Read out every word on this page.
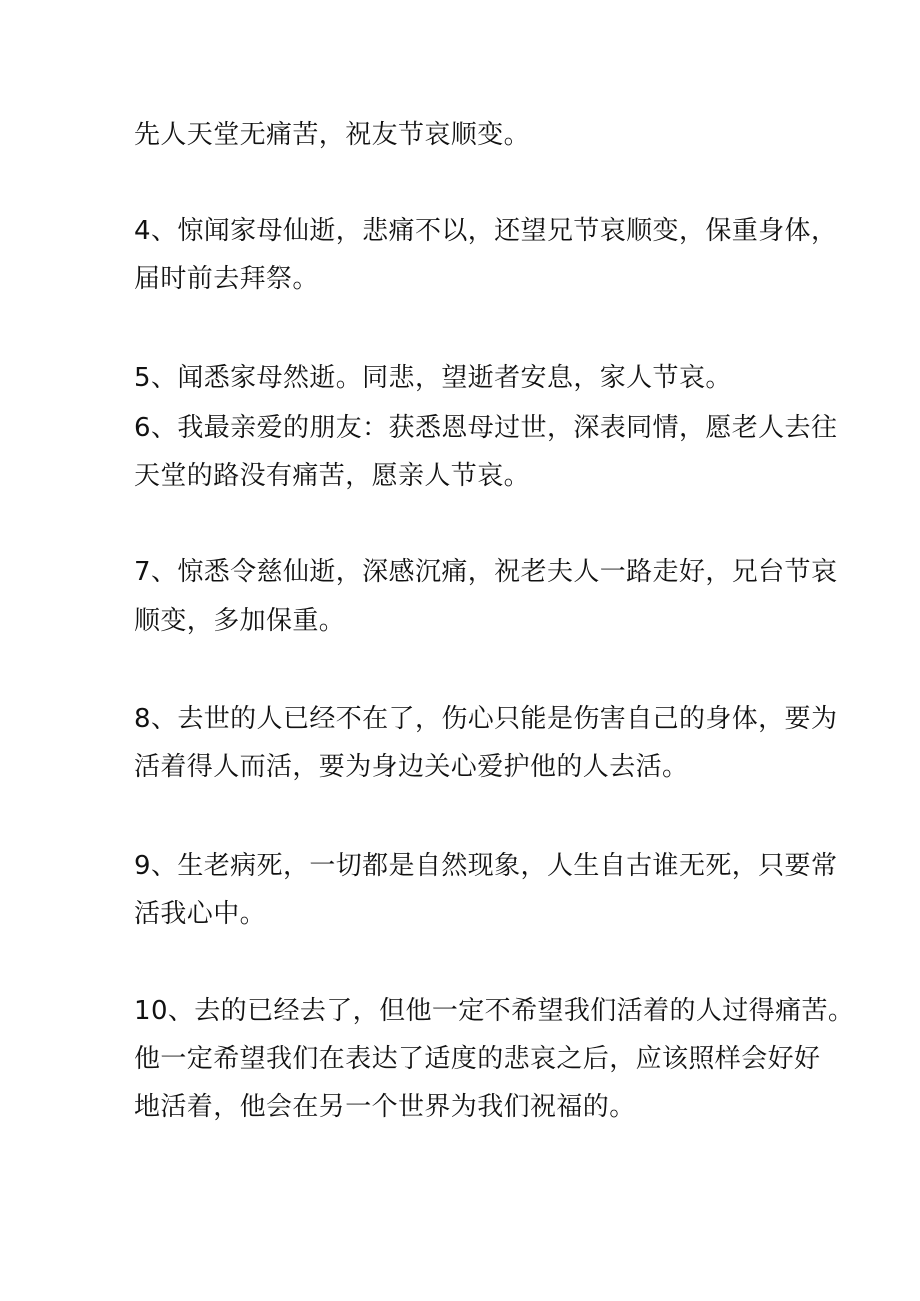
先人天堂无痛苦，祝友节哀顺变。
4、惊闻家母仙逝，悲痛不以，还望兄节哀顺变，保重身体，
届时前去拜祭。
5、闻悉家母然逝。同悲，望逝者安息，家人节哀。
6、我最亲爱的朋友：获悉恩母过世，深表同情，愿老人去往
天堂的路没有痛苦，愿亲人节哀。
7、惊悉令慈仙逝，深感沉痛，祝老夫人一路走好，兄台节哀
顺变，多加保重。
8、去世的人已经不在了，伤心只能是伤害自己的身体，要为
活着得人而活，要为身边关心爱护他的人去活。
9、生老病死，一切都是自然现象，人生自古谁无死，只要常
活我心中。
10、去的已经去了，但他一定不希望我们活着的人过得痛苦。
他一定希望我们在表达了适度的悲哀之后，应该照样会好好
地活着，他会在另一个世界为我们祝福的。
